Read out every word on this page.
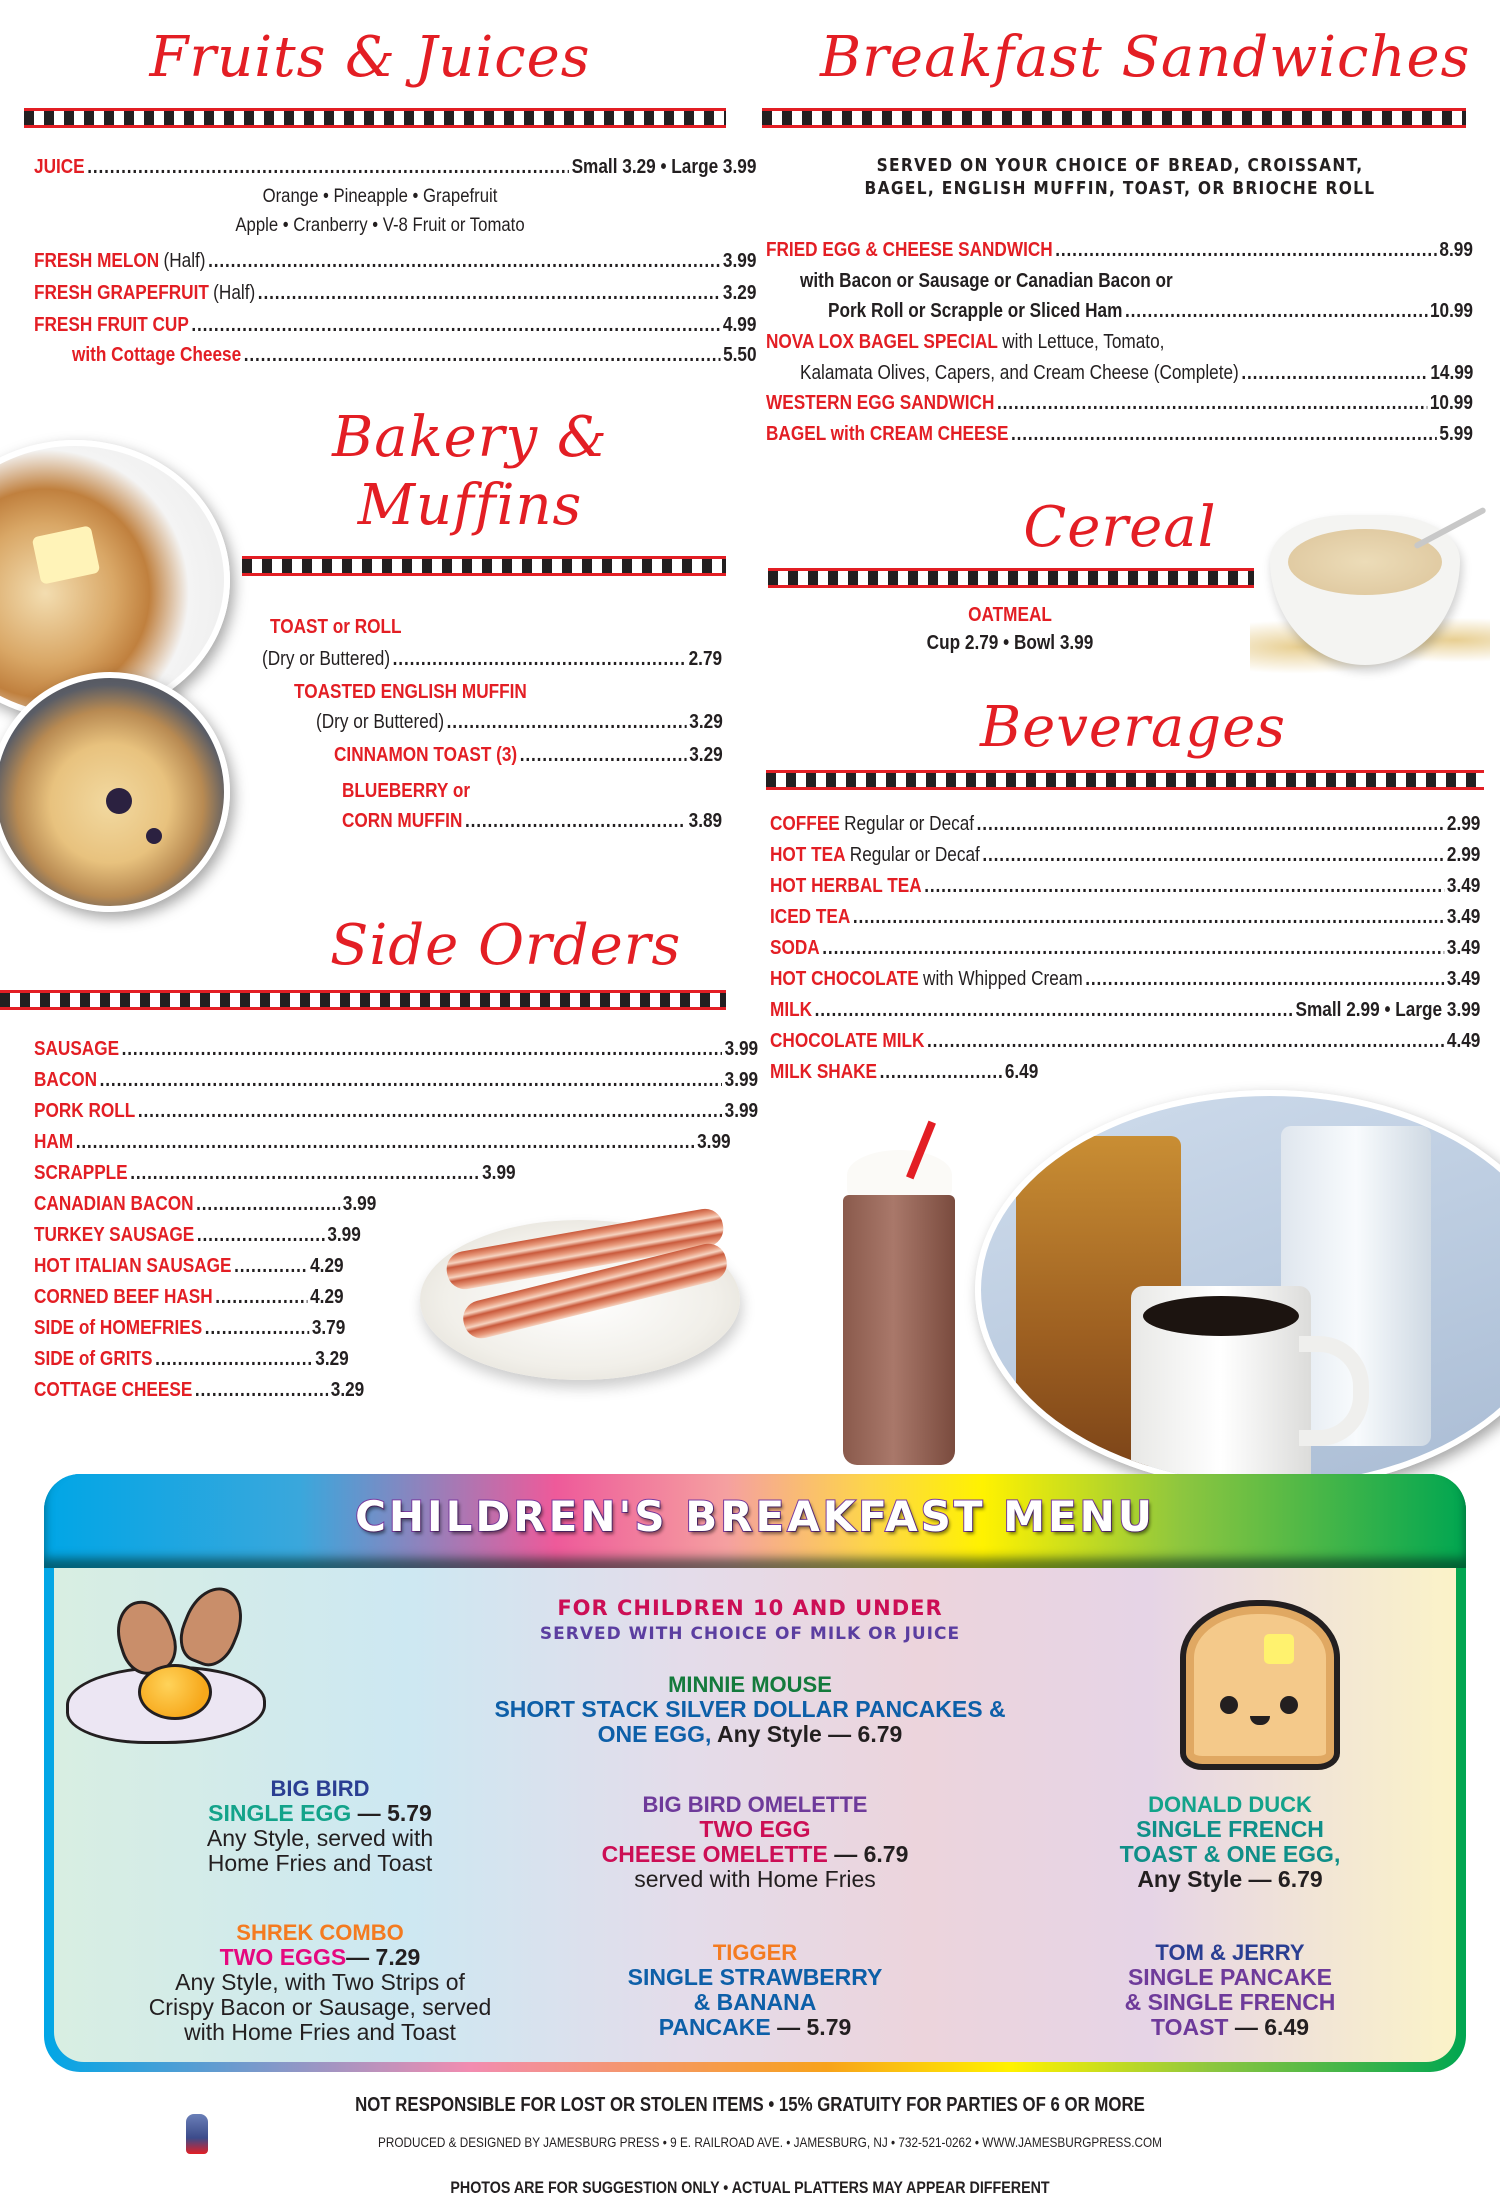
Fruits & Juices
JUICE .....	Small 3.29 • Large 3.99
Orange • Pineapple • Grapefruit
Apple • Cranberry • V-8 Fruit or Tomato
FRESH MELON (Half) .....	3.99
FRESH GRAPEFRUIT (Half) .....	3.29
FRESH FRUIT CUP .....	4.99
with Cottage Cheese .....	5.50
Breakfast Sandwiches
SERVED ON YOUR CHOICE OF BREAD, CROISSANT,
BAGEL, ENGLISH MUFFIN, TOAST, OR BRIOCHE ROLL
FRIED EGG & CHEESE SANDWICH .....	8.99
with Bacon or Sausage or Canadian Bacon or
Pork Roll or Scrapple or Sliced Ham .....	10.99
NOVA LOX BAGEL SPECIAL with Lettuce, Tomato,
Kalamata Olives, Capers, and Cream Cheese (Complete) .....	14.99
WESTERN EGG SANDWICH .....	10.99
BAGEL with CREAM CHEESE .....	5.99
Bakery &
Muffins
TOAST or ROLL
(Dry or Buttered) .....	2.79
TOASTED ENGLISH MUFFIN
(Dry or Buttered) .....	3.29
CINNAMON TOAST (3) .....	3.29
BLUEBERRY or
CORN MUFFIN .....	3.89
Cereal
OATMEAL
Cup 2.79 • Bowl 3.99
Beverages
COFFEE Regular or Decaf .....	2.99
HOT TEA Regular or Decaf .....	2.99
HOT HERBAL TEA .....	3.49
ICED TEA .....	3.49
SODA .....	3.49
HOT CHOCOLATE with Whipped Cream .....	3.49
MILK .....	Small 2.99 • Large 3.99
CHOCOLATE MILK .....	4.49
MILK SHAKE .....	6.49
Side Orders
SAUSAGE .....	3.99
BACON .....	3.99
PORK ROLL .....	3.99
HAM .....	3.99
SCRAPPLE .....	3.99
CANADIAN BACON .....	3.99
TURKEY SAUSAGE .....	3.99
HOT ITALIAN SAUSAGE .....	4.29
CORNED BEEF HASH .....	4.29
SIDE of HOMEFRIES .....	3.79
SIDE of GRITS .....	3.29
COTTAGE CHEESE .....	3.29
CHILDREN'S BREAKFAST MENU
FOR CHILDREN 10 AND UNDER
SERVED WITH CHOICE OF MILK OR JUICE
MINNIE MOUSE
SHORT STACK SILVER DOLLAR PANCAKES &
ONE EGG, Any Style — 6.79
BIG BIRD
SINGLE EGG — 5.79
Any Style, served with
Home Fries and Toast
BIG BIRD OMELETTE
TWO EGG
CHEESE OMELETTE — 6.79
served with Home Fries
DONALD DUCK
SINGLE FRENCH
TOAST & ONE EGG,
Any Style — 6.79
SHREK COMBO
TWO EGGS— 7.29
Any Style, with Two Strips of
Crispy Bacon or Sausage, served
with Home Fries and Toast
TIGGER
SINGLE STRAWBERRY
& BANANA
PANCAKE — 5.79
TOM & JERRY
SINGLE PANCAKE
& SINGLE FRENCH
TOAST — 6.49
NOT RESPONSIBLE FOR LOST OR STOLEN ITEMS • 15% GRATUITY FOR PARTIES OF 6 OR MORE
PRODUCED & DESIGNED BY JAMESBURG PRESS • 9 E. RAILROAD AVE. • JAMESBURG, NJ • 732-521-0262 • WWW.JAMESBURGPRESS.COM
PHOTOS ARE FOR SUGGESTION ONLY • ACTUAL PLATTERS MAY APPEAR DIFFERENT
